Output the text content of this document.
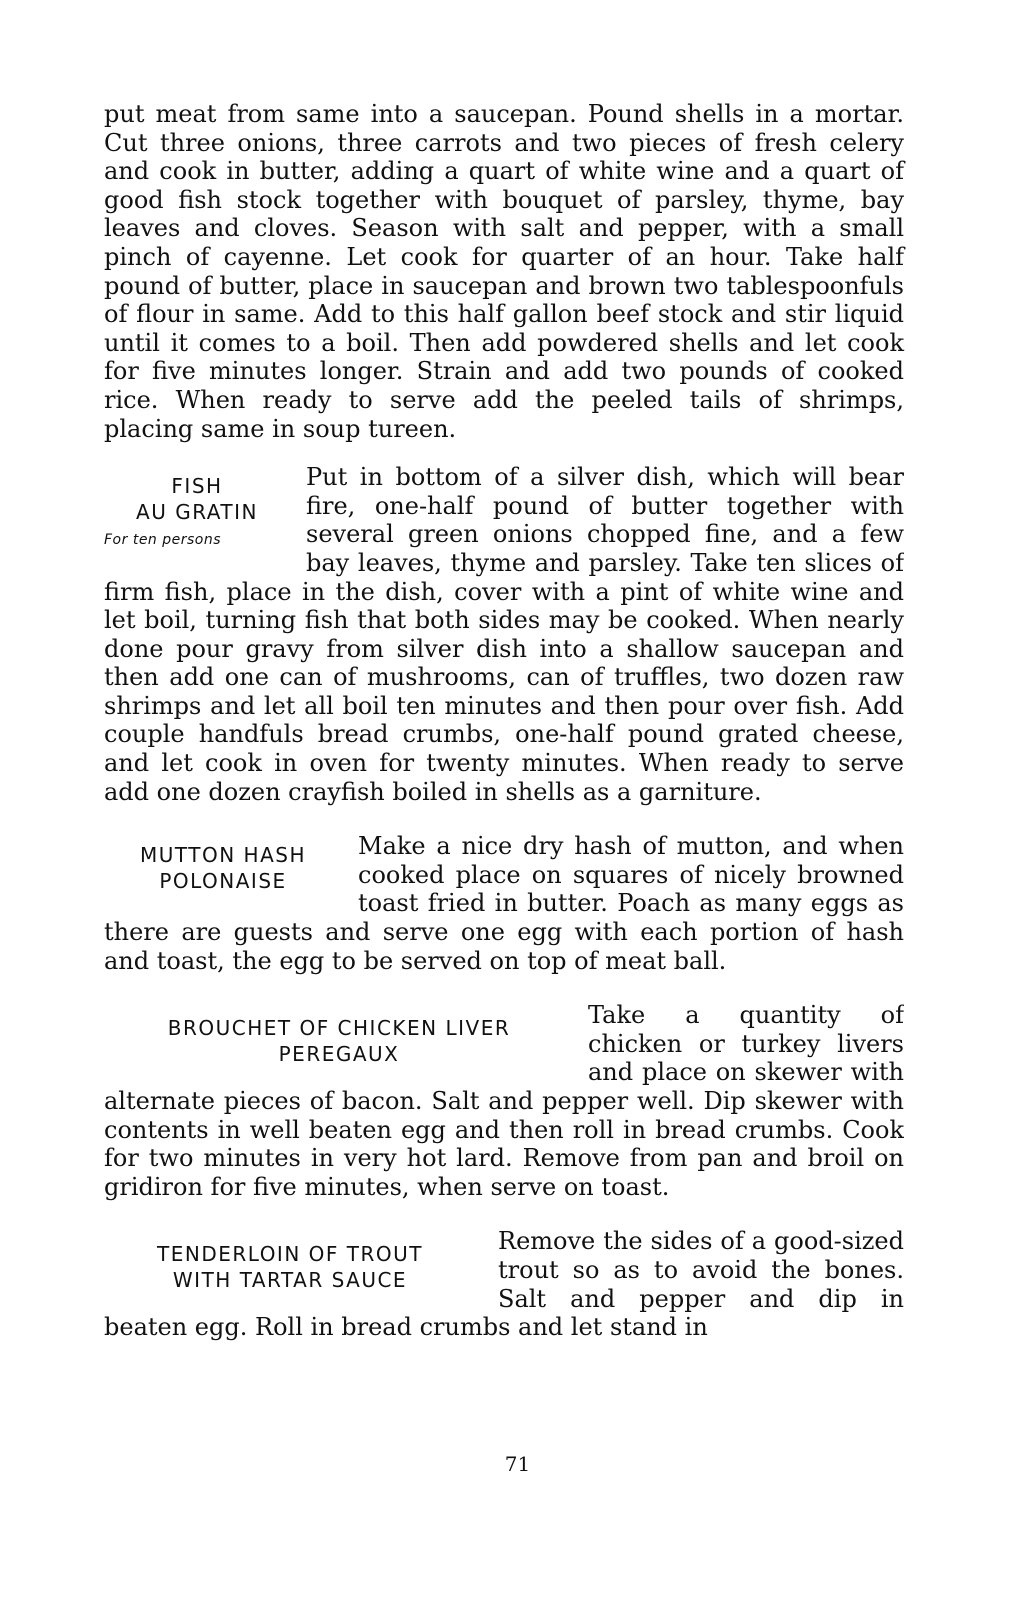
put meat from same into a saucepan. Pound shells in a mortar. Cut three onions, three carrots and two pieces of fresh celery and cook in butter, adding a quart of white wine and a quart of good fish stock together with bouquet of parsley, thyme, bay leaves and cloves. Season with salt and pepper, with a small pinch of cayenne. Let cook for quarter of an hour. Take half pound of butter, place in saucepan and brown two tablespoonfuls of flour in same. Add to this half gallon beef stock and stir liquid until it comes to a boil. Then add powdered shells and let cook for five minutes longer. Strain and add two pounds of cooked rice. When ready to serve add the peeled tails of shrimps, placing same in soup tureen.

FISH
AU GRATIN
For ten persons

Put in bottom of a silver dish, which will bear fire, one-half pound of butter together with several green onions chopped fine, and a few bay leaves, thyme and parsley. Take ten slices of firm fish, place in the dish, cover with a pint of white wine and let boil, turning fish that both sides may be cooked. When nearly done pour gravy from silver dish into a shallow saucepan and then add one can of mushrooms, can of truffles, two dozen raw shrimps and let all boil ten minutes and then pour over fish. Add couple handfuls bread crumbs, one-half pound grated cheese, and let cook in oven for twenty minutes. When ready to serve add one dozen crayfish boiled in shells as a garniture.

MUTTON HASH
POLONAISE

Make a nice dry hash of mutton, and when cooked place on squares of nicely browned toast fried in butter. Poach as many eggs as there are guests and serve one egg with each portion of hash and toast, the egg to be served on top of meat ball.

BROUCHET OF CHICKEN LIVER
PEREGAUX

Take a quantity of chicken or turkey livers and place on skewer with alternate pieces of bacon. Salt and pepper well. Dip skewer with contents in well beaten egg and then roll in bread crumbs. Cook for two minutes in very hot lard. Remove from pan and broil on gridiron for five minutes, when serve on toast.

TENDERLOIN OF TROUT
WITH TARTAR SAUCE

Remove the sides of a good-sized trout so as to avoid the bones. Salt and pepper and dip in beaten egg. Roll in bread crumbs and let stand in

71
